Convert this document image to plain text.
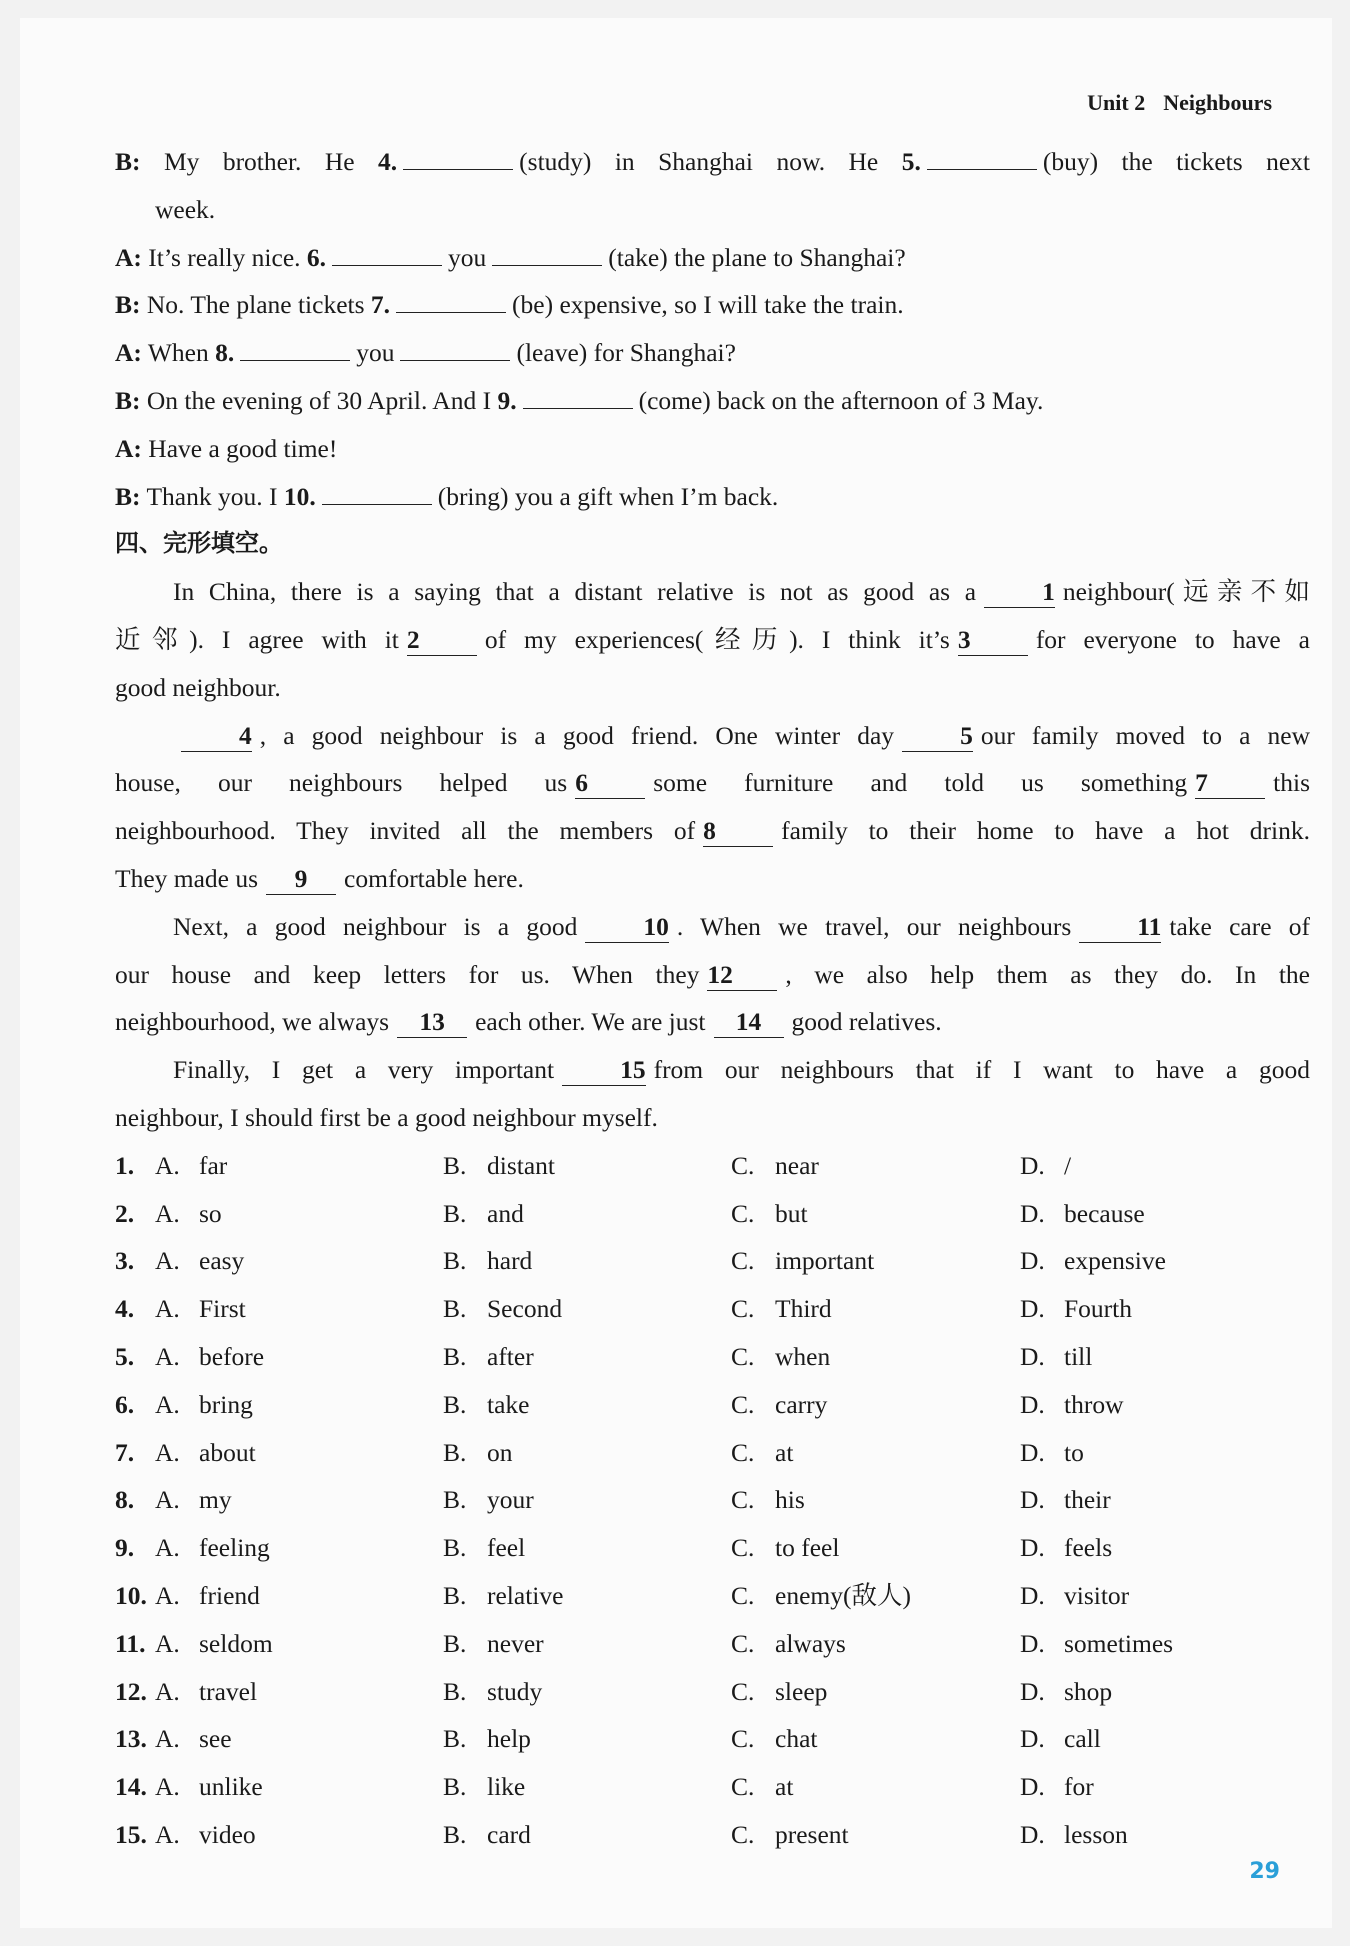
Unit 2 Neighbours
B: My brother. He 4.	(study) in Shanghai now. He 5.	(buy) the tickets next
week.
A: It’s really nice. 6.	you	(take) the plane to Shanghai?
B: No. The plane tickets 7.	(be) expensive, so I will take the train.
A: When 8.	you	(leave) for Shanghai?
B: On the evening of 30 April. And I 9.	(come) back on the afternoon of 3 May.
A: Have a good time!
B: Thank you. I 10.	(bring) you a gift when I’m back.
四、完形填空。
In China, there is a saying that a distant relative is not as good as a	1 neighbour(远亲不如
近邻). I agree with it 2	of my experiences(经历). I think it’s 3	for everyone to have a
good neighbour.
4 , a good neighbour is a good friend. One winter day	5 our family moved to a new
house, our neighbours helped us 6	some furniture and told us something 7	this
neighbourhood. They invited all the members of 8	family to their home to have a hot drink.
They made us 9 comfortable here.
Next, a good neighbour is a good	10 . When we travel, our neighbours	11 take care of
our house and keep letters for us. When they 12 , we also help them as they do. In the
neighbourhood, we always 13 each other. We are just 14 good relatives.
Finally, I get a very important	15 from our neighbours that if I want to have a good
neighbour, I should first be a good neighbour myself.
1. A. far	B. distant	C. near	D. /
2. A. so	B. and	C. but	D. because
3. A. easy	B. hard	C. important	D. expensive
4. A. First	B. Second	C. Third	D. Fourth
5. A. before	B. after	C. when	D. till
6. A. bring	B. take	C. carry	D. throw
7. A. about	B. on	C. at	D. to
8. A. my	B. your	C. his	D. their
9. A. feeling	B. feel	C. to feel	D. feels
10. A. friend	B. relative	C. enemy(敌人)	D. visitor
11. A. seldom	B. never	C. always	D. sometimes
12. A. travel	B. study	C. sleep	D. shop
13. A. see	B. help	C. chat	D. call
14. A. unlike	B. like	C. at	D. for
15. A. video	B. card	C. present	D. lesson
29
